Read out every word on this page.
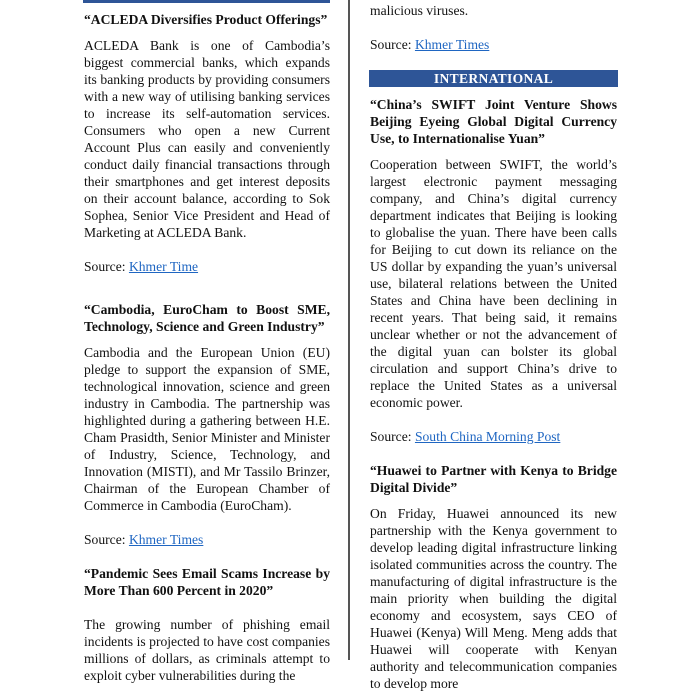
“ACLEDA Diversifies Product Offerings”

ACLEDA Bank is one of Cambodia’s biggest commercial banks, which expands its banking products by providing consumers with a new way of utilising banking services to increase its self-automation services. Consumers who open a new Current Account Plus can easily and conveniently conduct daily financial transactions through their smartphones and get interest deposits on their account balance, according to Sok Sophea, Senior Vice President and Head of Marketing at ACLEDA Bank.

Source: Khmer Time

“Cambodia, EuroCham to Boost SME, Technology, Science and Green Industry”

Cambodia and the European Union (EU) pledge to support the expansion of SME, technological innovation, science and green industry in Cambodia. The partnership was highlighted during a gathering between H.E. Cham Prasidth, Senior Minister and Minister of Industry, Science, Technology, and Innovation (MISTI), and Mr Tassilo Brinzer, Chairman of the European Chamber of Commerce in Cambodia (EuroCham).

Source: Khmer Times

“Pandemic Sees Email Scams Increase by More Than 600 Percent in 2020”

The growing number of phishing email incidents is projected to have cost companies millions of dollars, as criminals attempt to exploit cyber vulnerabilities during the

malicious viruses.

Source: Khmer Times

INTERNATIONAL

“China’s SWIFT Joint Venture Shows Beijing Eyeing Global Digital Currency Use, to Internationalise Yuan”

Cooperation between SWIFT, the world’s largest electronic payment messaging company, and China’s digital currency department indicates that Beijing is looking to globalise the yuan. There have been calls for Beijing to cut down its reliance on the US dollar by expanding the yuan’s universal use, bilateral relations between the United States and China have been declining in recent years. That being said, it remains unclear whether or not the advancement of the digital yuan can bolster its global circulation and support China’s drive to replace the United States as a universal economic power.

Source: South China Morning Post

“Huawei to Partner with Kenya to Bridge Digital Divide”

On Friday, Huawei announced its new partnership with the Kenya government to develop leading digital infrastructure linking isolated communities across the country. The manufacturing of digital infrastructure is the main priority when building the digital economy and ecosystem, says CEO of Huawei (Kenya) Will Meng. Meng adds that Huawei will cooperate with Kenyan authority and telecommunication companies to develop more
